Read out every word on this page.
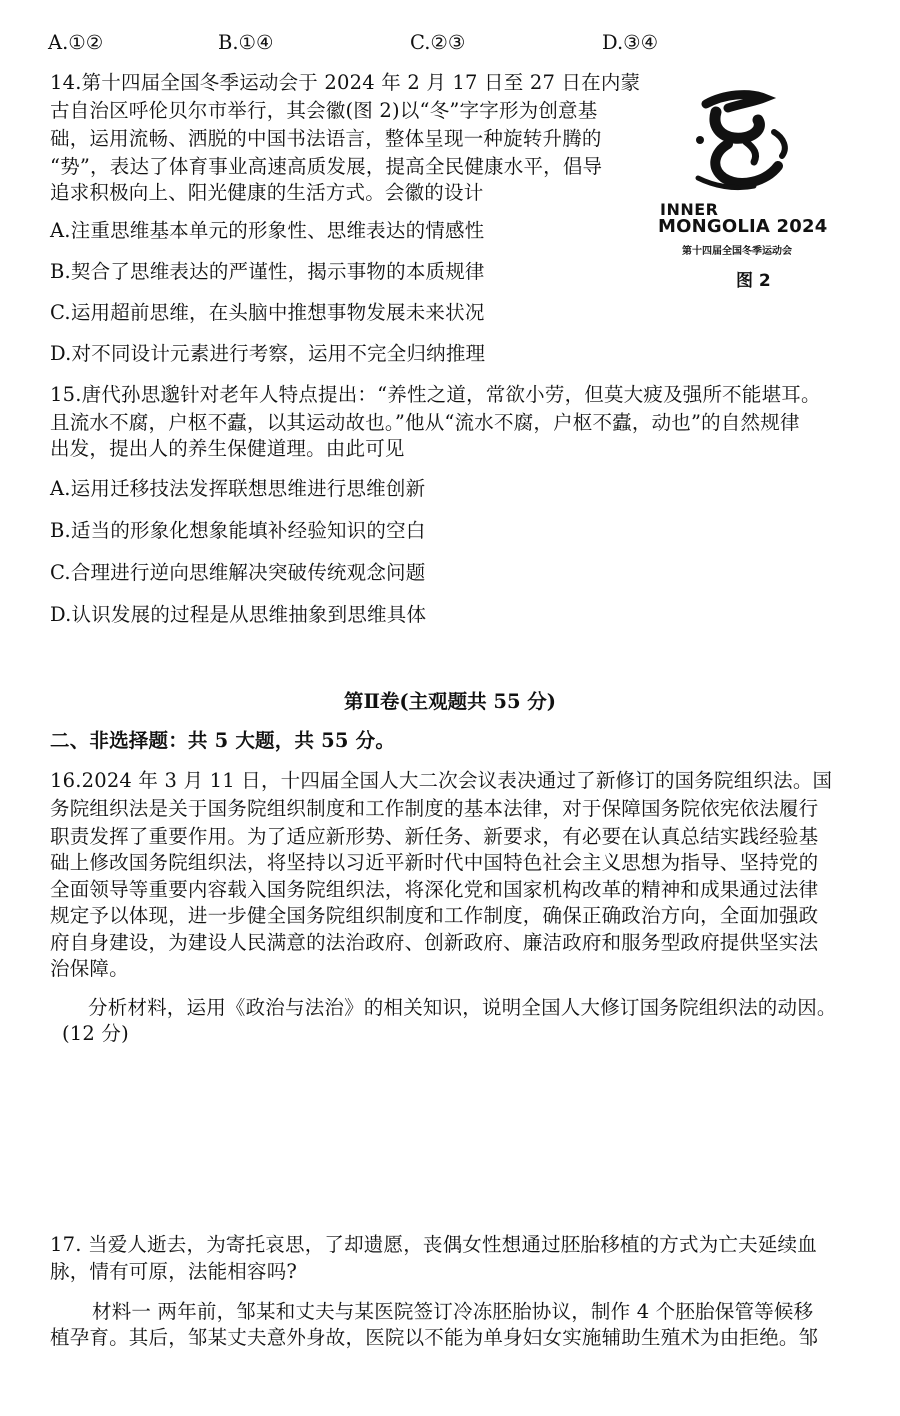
A.①②	B.①④	C.②③	D.③④
14.第十四届全国冬季运动会于 2024 年 2 月 17 日至 27 日在内蒙
古自治区呼伦贝尔市举行，其会徽(图 2)以“冬”字字形为创意基
础，运用流畅、洒脱的中国书法语言，整体呈现一种旋转升腾的
“势”，表达了体育事业高速高质发展，提高全民健康水平，倡导
追求积极向上、阳光健康的生活方式。会徽的设计
A.注重思维基本单元的形象性、思维表达的情感性
B.契合了思维表达的严谨性，揭示事物的本质规律
C.运用超前思维，在头脑中推想事物发展未来状况
D.对不同设计元素进行考察，运用不完全归纳推理
INNER
MONGOLIA 2024
第十四届全国冬季运动会
图 2
15.唐代孙思邈针对老年人特点提出：“养性之道，常欲小劳，但莫大疲及强所不能堪耳。
且流水不腐，户枢不蠹，以其运动故也。”他从“流水不腐，户枢不蠹，动也”的自然规律
出发，提出人的养生保健道理。由此可见
A.运用迁移技法发挥联想思维进行思维创新
B.适当的形象化想象能填补经验知识的空白
C.合理进行逆向思维解决突破传统观念问题
D.认识发展的过程是从思维抽象到思维具体
第Ⅱ卷(主观题共 55 分)
二、非选择题：共 5 大题，共 55 分。
16.2024 年 3 月 11 日，十四届全国人大二次会议表决通过了新修订的国务院组织法。国
务院组织法是关于国务院组织制度和工作制度的基本法律，对于保障国务院依宪依法履行
职责发挥了重要作用。为了适应新形势、新任务、新要求，有必要在认真总结实践经验基
础上修改国务院组织法，将坚持以习近平新时代中国特色社会主义思想为指导、坚持党的
全面领导等重要内容载入国务院组织法，将深化党和国家机构改革的精神和成果通过法律
规定予以体现，进一步健全国务院组织制度和工作制度，确保正确政治方向，全面加强政
府自身建设，为建设人民满意的法治政府、创新政府、廉洁政府和服务型政府提供坚实法
治保障。
分析材料，运用《政治与法治》的相关知识，说明全国人大修订国务院组织法的动因。
(12 分)
17. 当爱人逝去，为寄托哀思，了却遗愿，丧偶女性想通过胚胎移植的方式为亡夫延续血
脉，情有可原，法能相容吗?
材料一 两年前，邹某和丈夫与某医院签订冷冻胚胎协议，制作 4 个胚胎保管等候移
植孕育。其后，邹某丈夫意外身故，医院以不能为单身妇女实施辅助生殖术为由拒绝。邹
